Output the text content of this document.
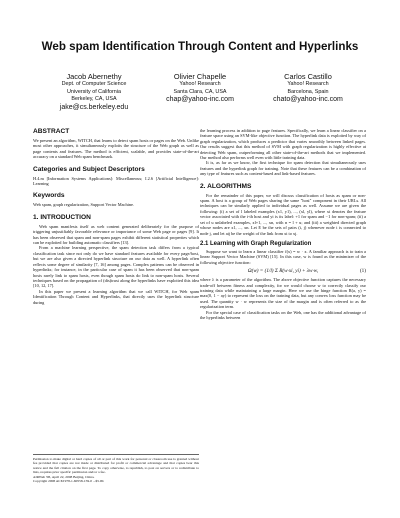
Web spam Identification Through Content and Hyperlinks
Jacob Abernethy
Dept. of Computer Science
University of California
Berkeley, CA, USA
jake@cs.berkeley.edu
Olivier Chapelle
Yahoo! Research
Santa Clara, CA, USA
chap@yahoo-inc.com
Carlos Castillo
Yahoo! Research
Barcelona, Spain
chato@yahoo-inc.com
ABSTRACT

We present an algorithm, WITCH, that learns to detect spam hosts or pages on the Web. Unlike most other approaches, it simultaneously exploits the structure of the Web graph as well as page contents and features. The method is efficient, scalable, and provides state-of-the-art accuracy on a standard Web spam benchmark.

Categories and Subject Descriptors

H.4.m [Information Systems Applications]: Miscellaneous; I.2.6 [Artificial Intelligence]: Learning

Keywords

Web spam, graph regularization, Support Vector Machine.

1. INTRODUCTION

Web spam manifests itself as web content generated deliberately for the purpose of triggering unjustifiably favorable relevance or importance of some Web page or pages [9]. It has been observed that spam and non-spam pages exhibit different statistical properties which can be exploited for building automatic classifiers [13].

From a machine learning perspective, the spam detection task differs from a typical classification task since not only do we have standard features available for every page/host, but we are also given a directed hyperlink structure on our data as well. A hyperlink often reflects some degree of similarity [7, 16] among pages. Complex patterns can be observed in hyperlinks; for instance, in the particular case of spam it has been observed that non-spam hosts rarely link to spam hosts, even though spam hosts do link to non-spam hosts. Several techniques based on the propagation of (dis)trust along the hyperlinks have exploited this idea [10, 12, 17].

In this paper we present a learning algorithm that we call WITCH, for Web spam Identification Through Content and Hyperlinks, that directly uses the hyperlink structure during

Permission to make digital or hard copies of all or part of this work for personal or classroom use is granted without fee provided that copies are not made or distributed for profit or commercial advantage and that copies bear this notice and the full citation on the first page. To copy otherwise, to republish, to post on servers or to redistribute to lists, requires prior specific permission and/or a fee.

AIRWeb '08, April 22, 2008 Beijing, China.

Copyright 2008 ACM 978-1-60558-159-0 ...$5.00.

the learning process in addition to page features. Specifically, we learn a linear classifier on a feature space using an SVM-like objective function. The hyperlink data is exploited by way of graph regularization, which produces a predictor that varies smoothly between linked pages. Our results suggest that this method of SVM with graph regularization is highly effective at detecting Web spam, outperforming all other state-of-the-art methods that we implemented. Our method also performs well even with little training data.

It is, as far as we know, the first technique for spam detection that simultaneously uses features and the hyperlink graph for training. Note that these features can be a combination of any type of features such as content-based and link-based features.

2. ALGORITHMS

For the remainder of this paper, we will discuss classification of hosts as spam or non-spam. A host is a group of Web pages sharing the same "host" component in their URLs. All techniques can be similarly applied to individual pages as well. Assume we are given the following: (i) a set of l labeled examples (x1, y1), ..., (xl, yl), where xi denotes the feature vector associated with the i-th host and yi is its label: +1 for spam and −1 for non-spam; (ii) a set of u unlabeled examples, xl+1, ..., xn, with n = l + u; and (iii) a weighted directed graph whose nodes are x1, ..., xn. Let E be the sets of pairs (i, j) whenever node i is connected to node j, and let aij be the weight of the link from xi to xj.

2.1 Learning with Graph Regularization

Suppose we want to learn a linear classifier f(x) = w · x. A familiar approach is to train a linear Support Vector Machine (SVM) [15]. In this case, w is found as the minimizer of the following objective function:

Ω(w) = (1/l) Σ R(w·xi, yi) + λw·w,	(1)

where λ is a parameter of the algorithm. The above objective function captures the necessary trade-off between fitness and complexity, for we would choose w to correctly classify our training data while maintaining a large margin. Here we use the hinge function R(a, y) = max(0, 1 − ay) to represent the loss on the training data, but any convex loss function may be used. The quantity w · w represents the size of the margin and is often referred to as the regularization term.

For the special case of classification tasks on the Web, one has the additional advantage of the hyperlinks between
